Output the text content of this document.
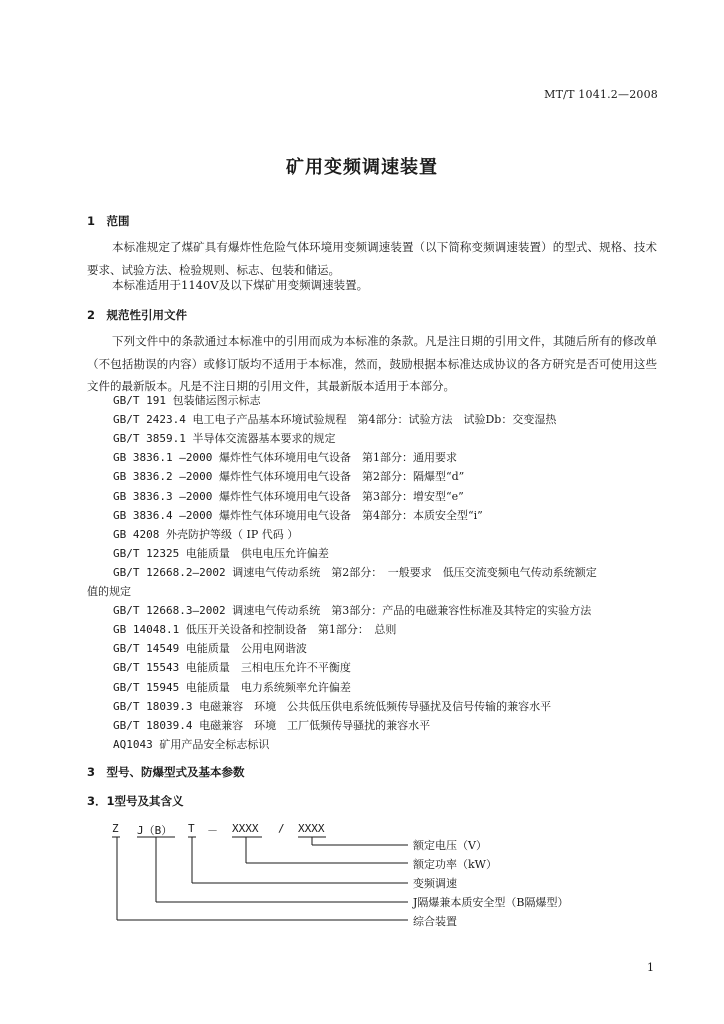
MT/T 1041.2—2008
矿用变频调速装置
1　范围
本标准规定了煤矿具有爆炸性危险气体环境用变频调速装置（以下简称变频调速装置）的型式、规格、技术要求、试验方法、检验规则、标志、包装和储运。
本标准适用于1140V及以下煤矿用变频调速装置。
2　规范性引用文件
下列文件中的条款通过本标准中的引用而成为本标准的条款。凡是注日期的引用文件，其随后所有的修改单（不包括勘误的内容）或修订版均不适用于本标准，然而，鼓励根据本标准达成协议的各方研究是否可使用这些文件的最新版本。凡是不注日期的引用文件，其最新版本适用于本部分。
GB/T 191 包装储运图示标志
GB/T 2423.4 电工电子产品基本环境试验规程　第4部分：试验方法　试验Db：交变湿热
GB/T 3859.1 半导体交流器基本要求的规定
GB 3836.1 —2000 爆炸性气体环境用电气设备　第1部分：通用要求
GB 3836.2 —2000 爆炸性气体环境用电气设备　第2部分：隔爆型“d”
GB 3836.3 —2000 爆炸性气体环境用电气设备　第3部分：增安型“e”
GB 3836.4 —2000 爆炸性气体环境用电气设备　第4部分：本质安全型“i”
GB 4208 外壳防护等级（ IP 代码 ）
GB/T 12325 电能质量　供电电压允许偏差
GB/T 12668.2—2002 调速电气传动系统　第2部分：　一般要求　低压交流变频电气传动系统额定
值的规定
GB/T 12668.3—2002 调速电气传动系统　第3部分：产品的电磁兼容性标准及其特定的实验方法
GB 14048.1 低压开关设备和控制设备　第1部分：　总则
GB/T 14549 电能质量　公用电网谐波
GB/T 15543 电能质量　三相电压允许不平衡度
GB/T 15945 电能质量　电力系统频率允许偏差
GB/T 18039.3 电磁兼容　环境　公共低压供电系统低频传导骚扰及信号传输的兼容水平
GB/T 18039.4 电磁兼容　环境　工厂低频传导骚扰的兼容水平
AQ1043 矿用产品安全标志标识
3　型号、防爆型式及基本参数
3．1型号及其含义
Z J（B） T － XXXX / XXXX
额定电压（V）
额定功率（kW）
变频调速
J隔爆兼本质安全型（B隔爆型）
综合装置
1
